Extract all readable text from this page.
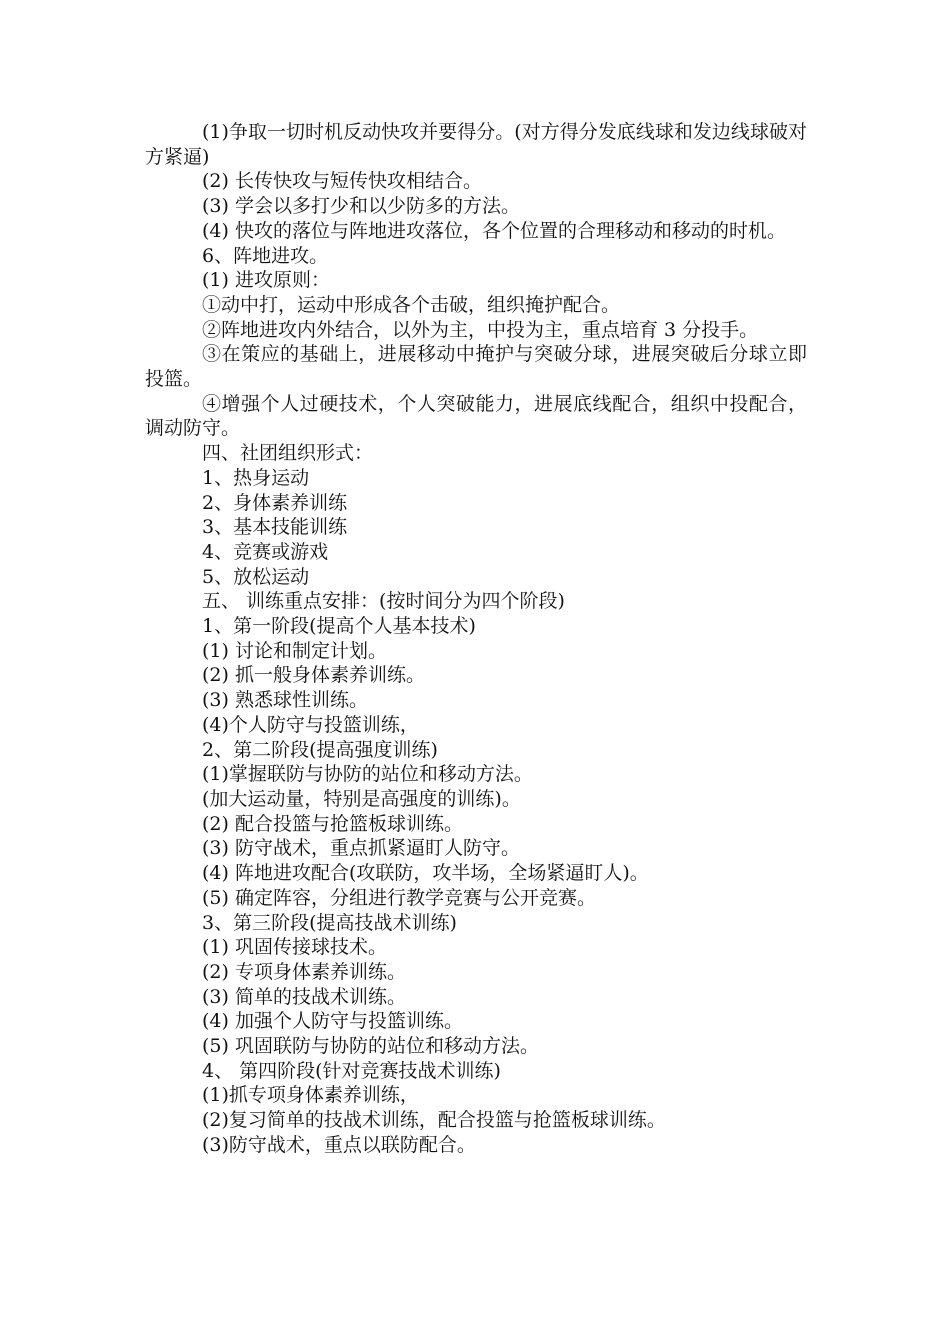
(1)争取一切时机反动快攻并要得分。(对方得分发底线球和发边线球破对方紧逼)

(2) 长传快攻与短传快攻相结合。

(3) 学会以多打少和以少防多的方法。

(4) 快攻的落位与阵地进攻落位，各个位置的合理移动和移动的时机。

6、阵地进攻。

(1) 进攻原则：

①动中打，运动中形成各个击破，组织掩护配合。

②阵地进攻内外结合，以外为主，中投为主，重点培育 3 分投手。

③在策应的基础上，进展移动中掩护与突破分球，进展突破后分球立即投篮。

④增强个人过硬技术，个人突破能力，进展底线配合，组织中投配合，调动防守。

四、社团组织形式：

1、热身运动

2、身体素养训练

3、基本技能训练

4、竞赛或游戏

5、放松运动

五、 训练重点安排：(按时间分为四个阶段)

1、第一阶段(提高个人基本技术)

(1) 讨论和制定计划。

(2) 抓一般身体素养训练。

(3) 熟悉球性训练。

(4)个人防守与投篮训练，

2、第二阶段(提高强度训练)

(1)掌握联防与协防的站位和移动方法。

(加大运动量，特别是高强度的训练)。

(2) 配合投篮与抢篮板球训练。

(3) 防守战术，重点抓紧逼盯人防守。

(4) 阵地进攻配合(攻联防，攻半场，全场紧逼盯人)。

(5) 确定阵容，分组进行教学竞赛与公开竞赛。

3、第三阶段(提高技战术训练)

(1) 巩固传接球技术。

(2) 专项身体素养训练。

(3) 简单的技战术训练。

(4) 加强个人防守与投篮训练。

(5) 巩固联防与协防的站位和移动方法。

4、 第四阶段(针对竞赛技战术训练)

(1)抓专项身体素养训练，

(2)复习简单的技战术训练，配合投篮与抢篮板球训练。

(3)防守战术，重点以联防配合。
